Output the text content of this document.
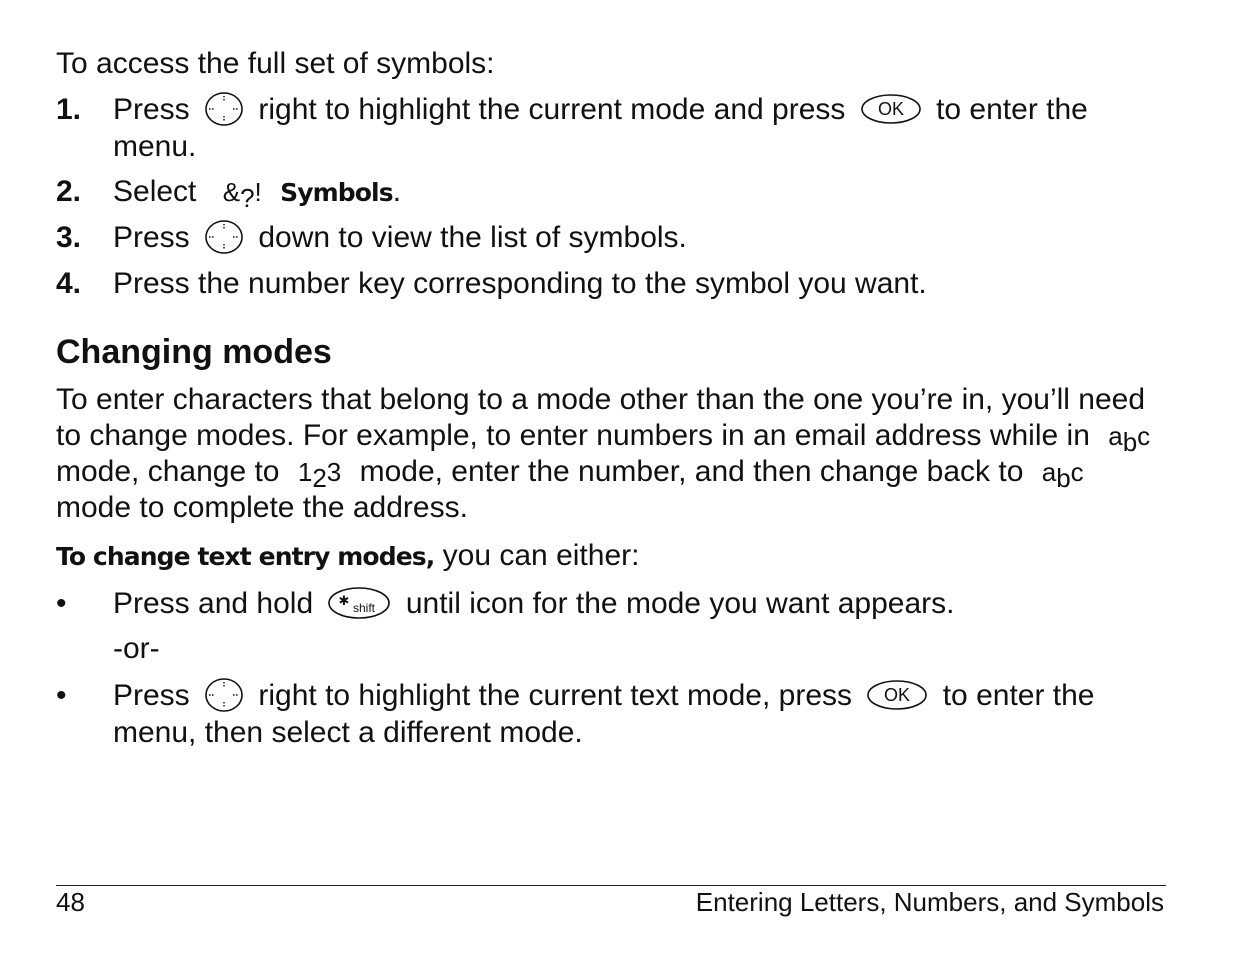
To access the full set of symbols:

1. Press right to highlight the current mode and press OK to enter the menu.
2. Select &?! Symbols.
3. Press down to view the list of symbols.
4. Press the number key corresponding to the symbol you want.
Changing modes

To enter characters that belong to a mode other than the one you’re in, you’ll need to change modes. For example, to enter numbers in an email address while in abc mode, change to 123 mode, enter the number, and then change back to abc mode to complete the address.

To change text entry modes, you can either:

• Press and hold ✱ shift until icon for the mode you want appears.

-or-

• Press right to highlight the current text mode, press OK to enter the menu, then select a different mode.
48	Entering Letters, Numbers, and Symbols
